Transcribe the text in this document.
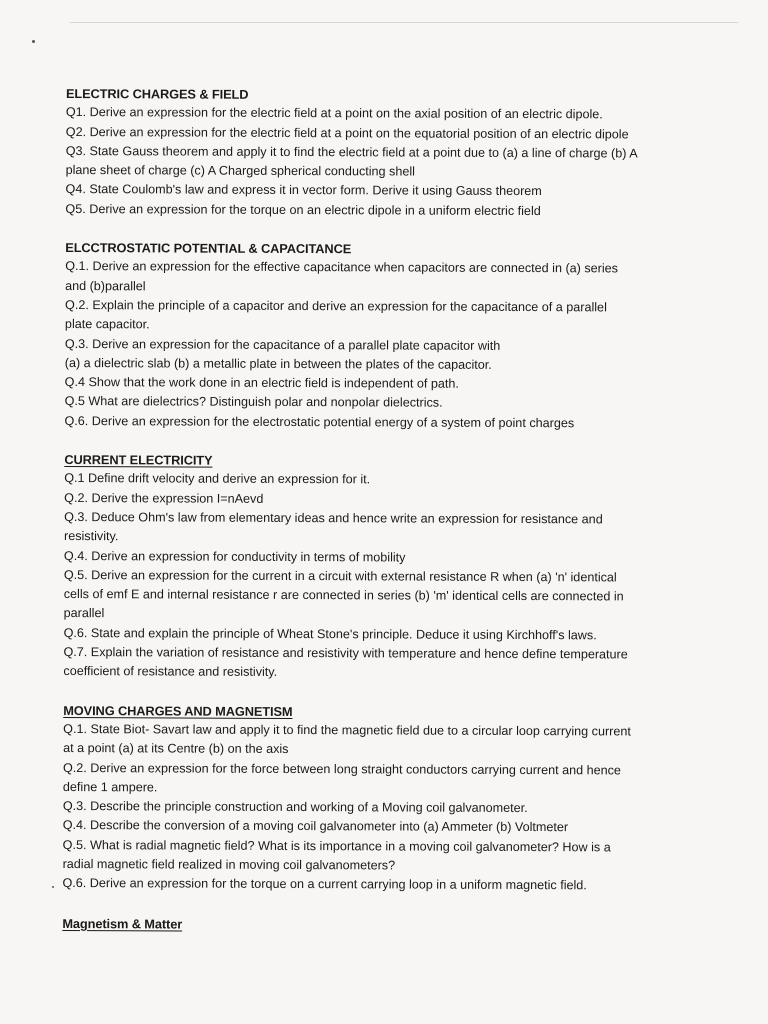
ELECTRIC CHARGES & FIELD

Q1. Derive an expression for the electric field at a point on the axial position of an electric dipole.

Q2. Derive an expression for the electric field at a point on the equatorial position of an electric dipole

Q3. State Gauss theorem and apply it to find the electric field at a point due to (a) a line of charge (b) A

plane sheet of charge (c) A Charged spherical conducting shell

Q4. State Coulomb's law and express it in vector form. Derive it using Gauss theorem

Q5. Derive an expression for the torque on an electric dipole in a uniform electric field

ELCCTROSTATIC POTENTIAL & CAPACITANCE

Q.1. Derive an expression for the effective capacitance when capacitors are connected in (a) series

and (b)parallel

Q.2. Explain the principle of a capacitor and derive an expression for the capacitance of a parallel

plate capacitor.

Q.3. Derive an expression for the capacitance of a parallel plate capacitor with

(a) a dielectric slab (b) a metallic plate in between the plates of the capacitor.

Q.4 Show that the work done in an electric field is independent of path.

Q.5 What are dielectrics? Distinguish polar and nonpolar dielectrics.

Q.6. Derive an expression for the electrostatic potential energy of a system of point charges

CURRENT ELECTRICITY

Q.1 Define drift velocity and derive an expression for it.

Q.2. Derive the expression I=nAevd

Q.3. Deduce Ohm's law from elementary ideas and hence write an expression for resistance and

resistivity.

Q.4. Derive an expression for conductivity in terms of mobility

Q.5. Derive an expression for the current in a circuit with external resistance R when (a) 'n' identical

cells of emf E and internal resistance r are connected in series (b) 'm' identical cells are connected in

parallel

Q.6. State and explain the principle of Wheat Stone's principle. Deduce it using Kirchhoff's laws.

Q.7. Explain the variation of resistance and resistivity with temperature and hence define temperature

coefficient of resistance and resistivity.

MOVING CHARGES AND MAGNETISM

Q.1. State Biot- Savart law and apply it to find the magnetic field due to a circular loop carrying current

at a point (a) at its Centre (b) on the axis

Q.2. Derive an expression for the force between long straight conductors carrying current and hence

define 1 ampere.

Q.3. Describe the principle construction and working of a Moving coil galvanometer.

Q.4. Describe the conversion of a moving coil galvanometer into (a) Ammeter (b) Voltmeter

Q.5. What is radial magnetic field? What is its importance in a moving coil galvanometer? How is a

radial magnetic field realized in moving coil galvanometers?

Q.6. Derive an expression for the torque on a current carrying loop in a uniform magnetic field.

Magnetism & Matter
